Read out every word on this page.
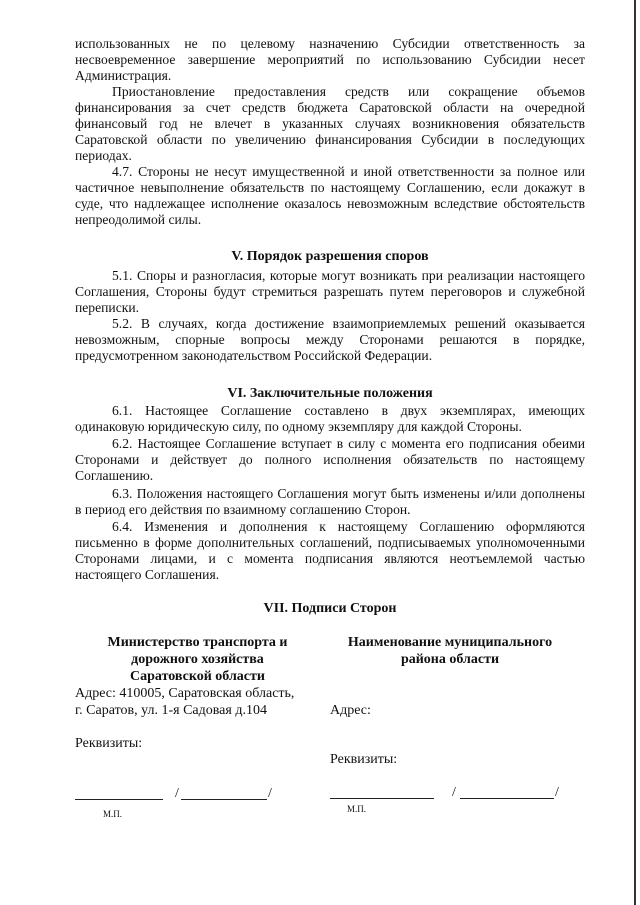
использованных не по целевому назначению Субсидии ответственность за несвоевременное завершение мероприятий по использованию Субсидии несет Администрация.
Приостановление предоставления средств или сокращение объемов финансирования за счет средств бюджета Саратовской области на очередной финансовый год не влечет в указанных случаях возникновения обязательств Саратовской области по увеличению финансирования Субсидии в последующих периодах.
4.7. Стороны не несут имущественной и иной ответственности за полное или частичное невыполнение обязательств по настоящему Соглашению, если докажут в суде, что надлежащее исполнение оказалось невозможным вследствие обстоятельств непреодолимой силы.
V. Порядок разрешения споров
5.1. Споры и разногласия, которые могут возникать при реализации настоящего Соглашения, Стороны будут стремиться разрешать путем переговоров и служебной переписки.
5.2. В случаях, когда достижение взаимоприемлемых решений оказывается невозможным, спорные вопросы между Сторонами решаются в порядке, предусмотренном законодательством Российской Федерации.
VI. Заключительные положения
6.1. Настоящее Соглашение составлено в двух экземплярах, имеющих одинаковую юридическую силу, по одному экземпляру для каждой Стороны.
6.2. Настоящее Соглашение вступает в силу с момента его подписания обеими Сторонами и действует до полного исполнения обязательств по настоящему Соглашению.
6.3. Положения настоящего Соглашения могут быть изменены и/или дополнены в период его действия по взаимному соглашению Сторон.
6.4. Изменения и дополнения к настоящему Соглашению оформляются письменно в форме дополнительных соглашений, подписываемых уполномоченными Сторонами лицами, и с момента подписания являются неотъемлемой частью настоящего Соглашения.
VII. Подписи Сторон
Министерство транспорта и
дорожного хозяйства
Саратовской области
Адрес: 410005, Саратовская область,
г. Саратов, ул. 1-я Садовая д.104
Реквизиты:
/	/
М.П.
Наименование муниципального
района области
Адрес:
Реквизиты:
/	/
М.П.
